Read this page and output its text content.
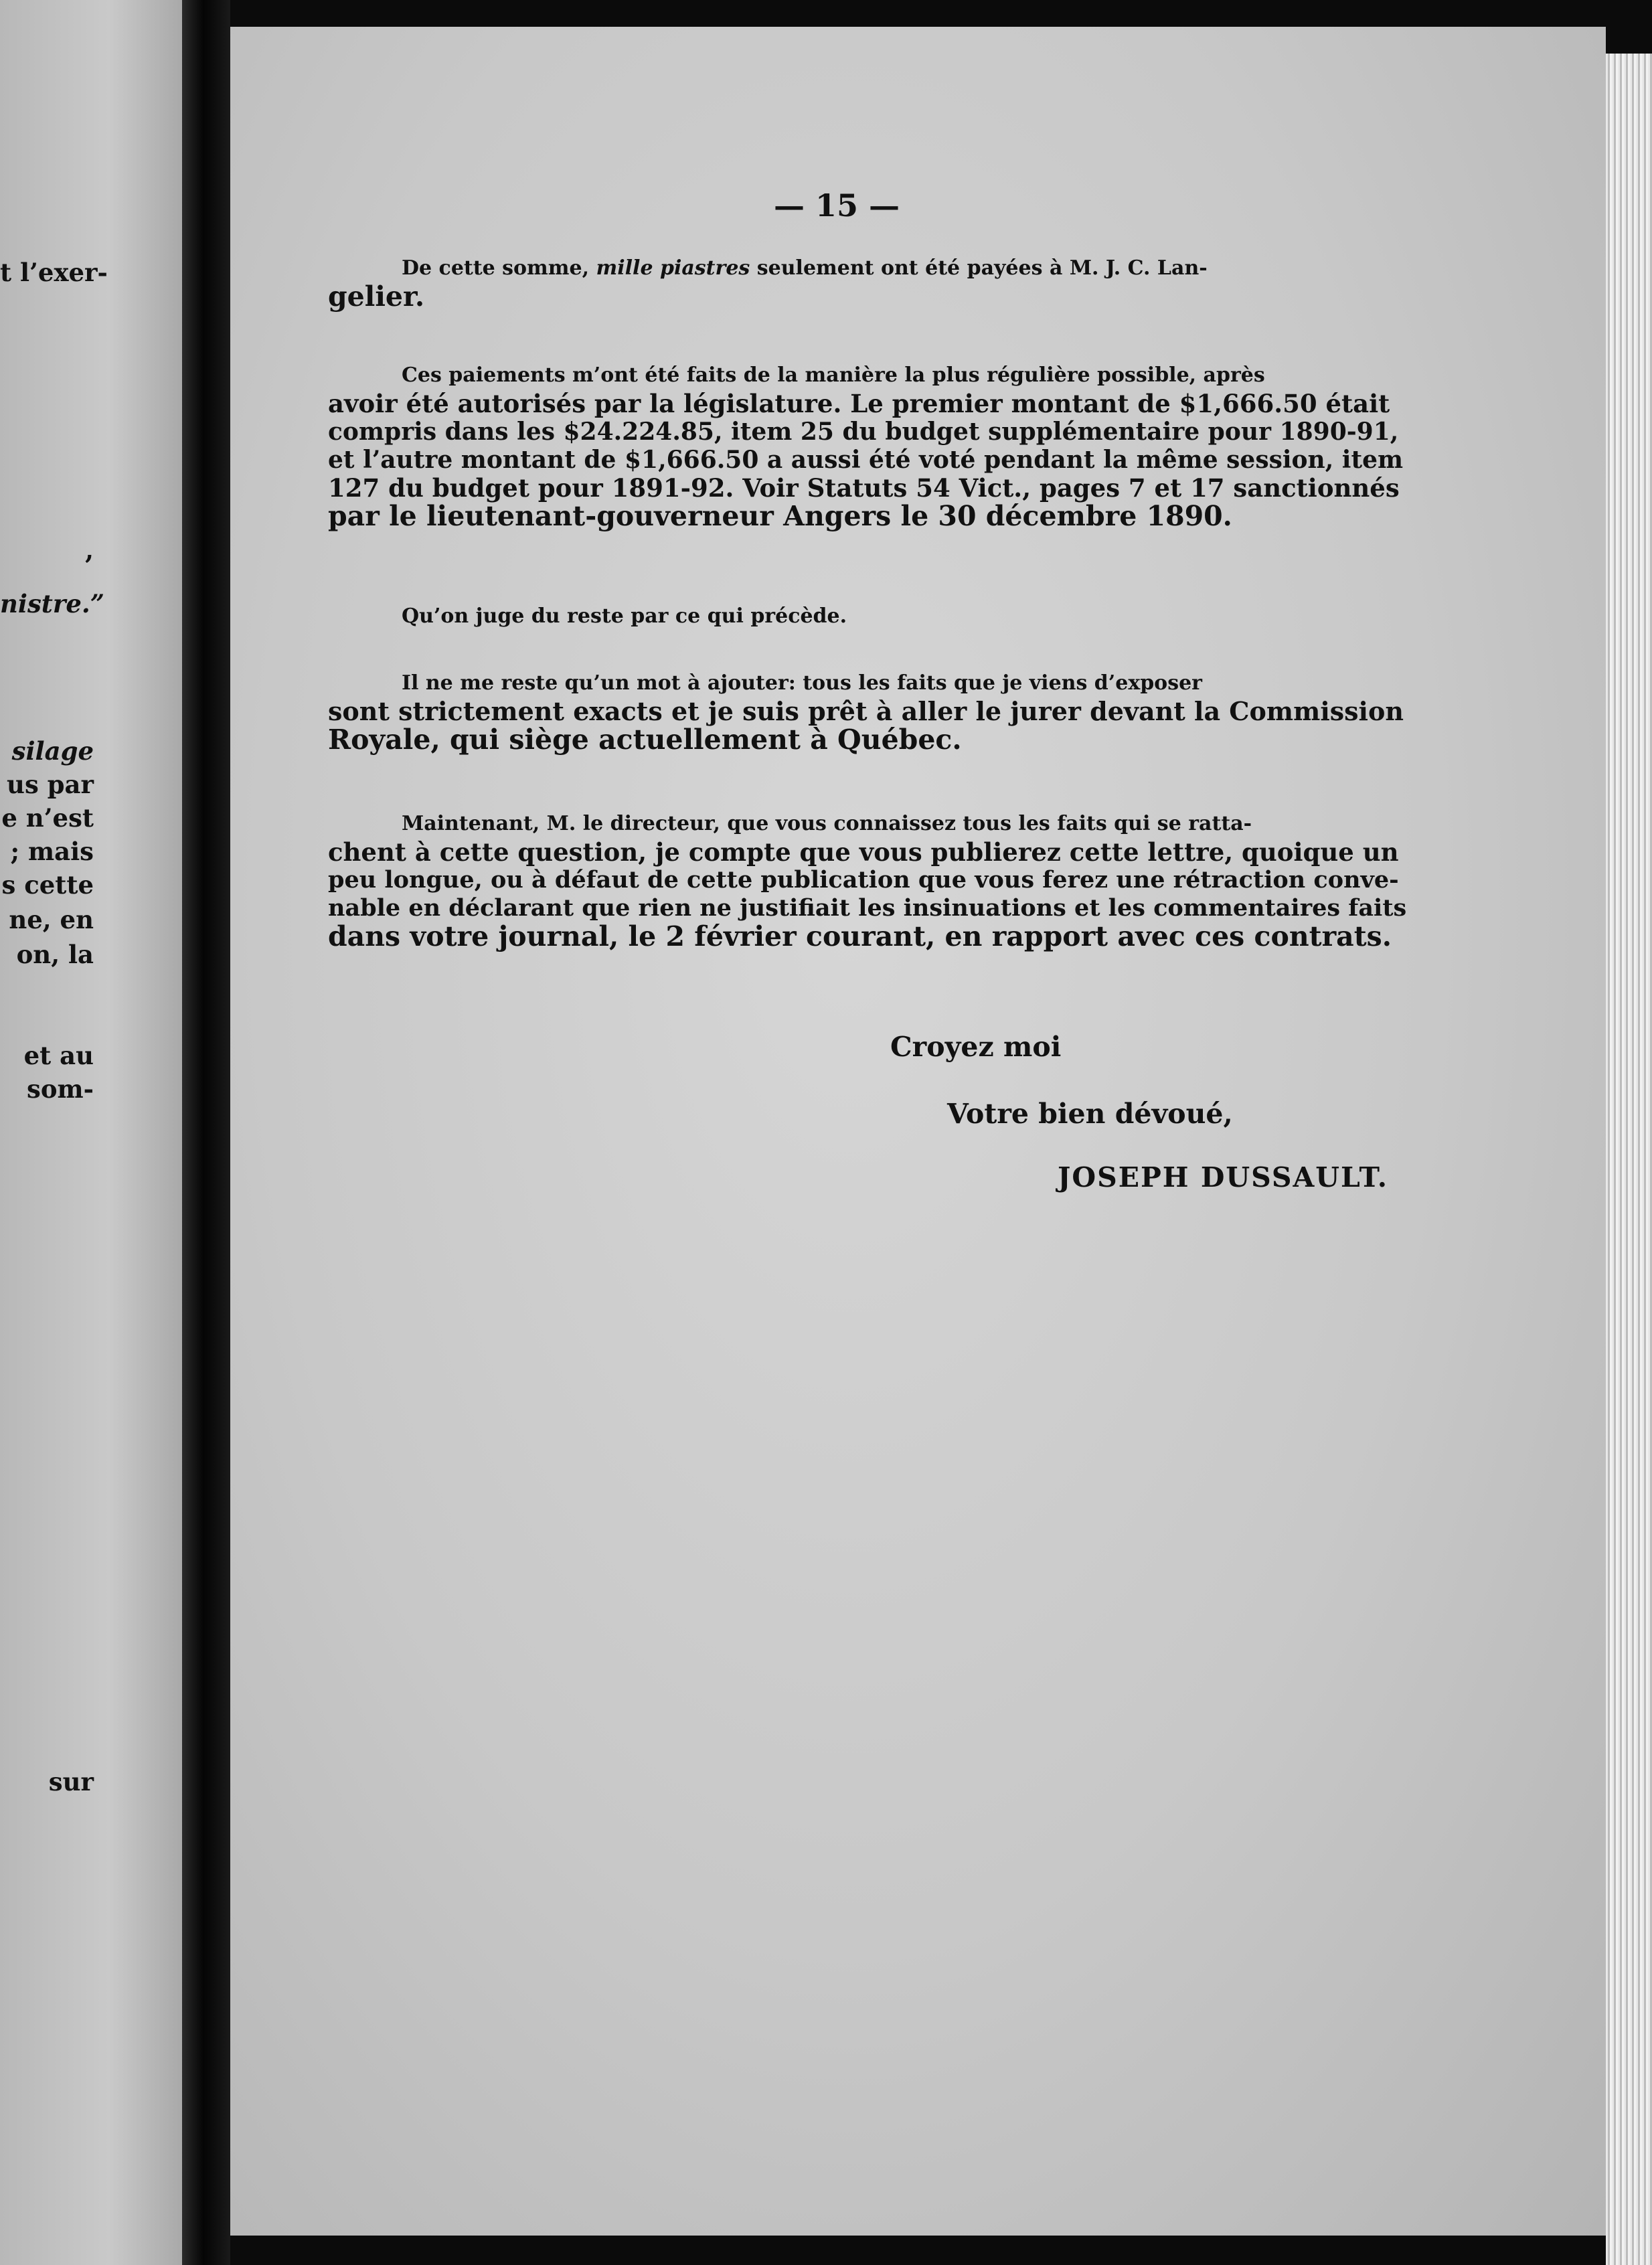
t l’exer-
,
nistre.”
silage
us par
e n’est
; mais
s cette
ne, en
on, la
et au
som-
sur

— 15 —

De cette somme, mille piastres seulement ont été payées à M. J. C. Lan-
gelier.

Ces paiements m’ont été faits de la manière la plus régulière possible, après
avoir été autorisés par la législature. Le premier montant de $1,666.50 était
compris dans les $24.224.85, item 25 du budget supplémentaire pour 1890-91,
et l’autre montant de $1,666.50 a aussi été voté pendant la même session, item
127 du budget pour 1891-92. Voir Statuts 54 Vict., pages 7 et 17 sanctionnés
par le lieutenant-gouverneur Angers le 30 décembre 1890.

Qu’on juge du reste par ce qui précède.

Il ne me reste qu’un mot à ajouter: tous les faits que je viens d’exposer
sont strictement exacts et je suis prêt à aller le jurer devant la Commission
Royale, qui siège actuellement à Québec.

Maintenant, M. le directeur, que vous connaissez tous les faits qui se ratta-
chent à cette question, je compte que vous publierez cette lettre, quoique un
peu longue, ou à défaut de cette publication que vous ferez une rétraction conve-
nable en déclarant que rien ne justifiait les insinuations et les commentaires faits
dans votre journal, le 2 février courant, en rapport avec ces contrats.

Croyez moi

Votre bien dévoué,

JOSEPH DUSSAULT.
